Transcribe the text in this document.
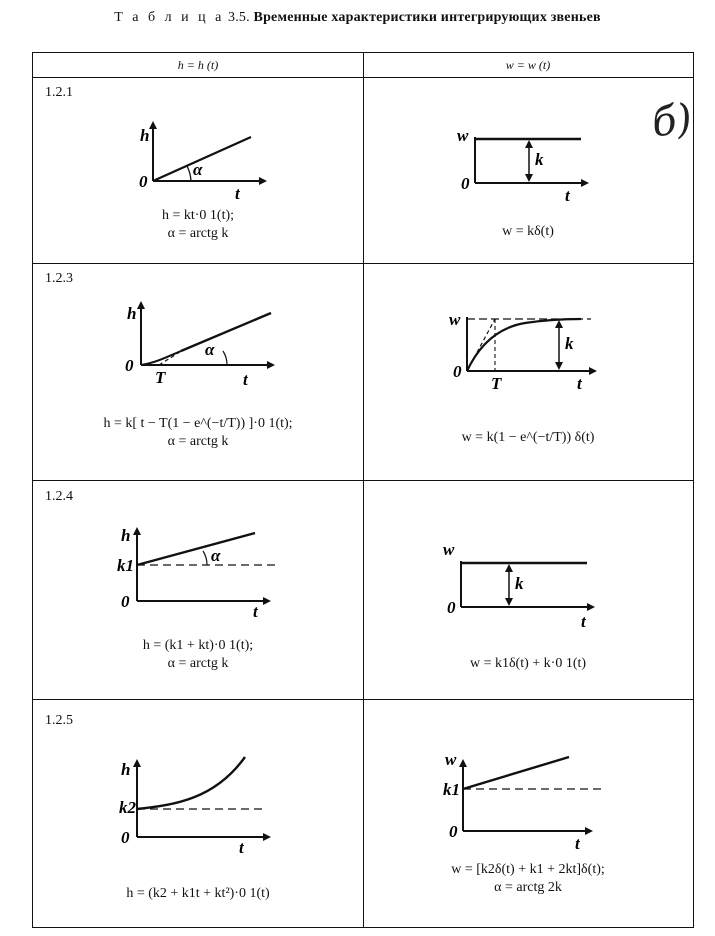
Т а б л и ц а 3.5. Временные характеристики интегрирующих звеньев
б)
h = h (t)	w = w (t)
1.2.1
h
t
0
α
h = kt·0 1(t);
α = arctg k
w
t
0
k
w = kδ(t)
1.2.3
h
t
0
T
α
h = k[ t − T(1 − e^(−t/T)) ]·0 1(t);
α = arctg k
w
t
0
T
k
w = k(1 − e^(−t/T)) δ(t)
1.2.4
h
t
0
k1
α
h = (k1 + kt)·0 1(t);
α = arctg k
w
t
0
k
w = k1δ(t) + k·0 1(t)
1.2.5
h
t
0
k2
h = (k2 + k1t + kt²)·0 1(t)
w
t
0
k1
w = [k2δ(t) + k1 + 2kt]δ(t);
α = arctg 2k
